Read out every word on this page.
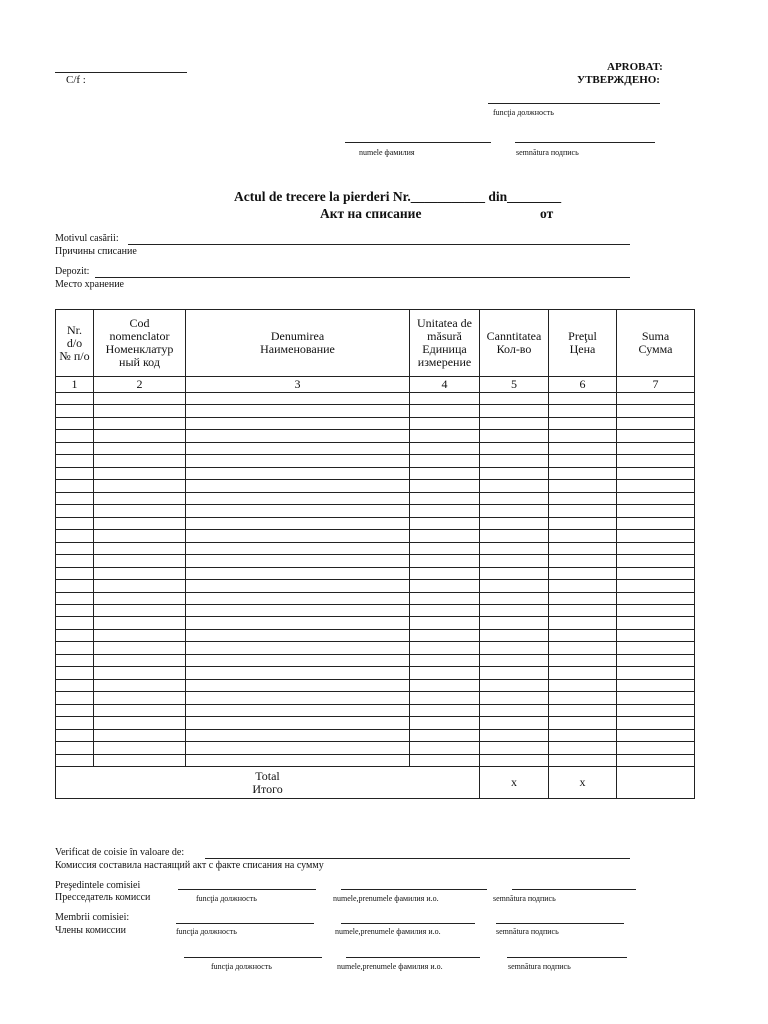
C/f :
APROBAT:
УТВЕРЖДЕНО:
funcţia должность
numele фамилия	semnătura подпись
Actul de trecere la pierderi Nr.___________ din________
Акт на списание	от
Motivul casării:
Причины списание
Depozit:
Место хранение
Nr.
d/o
№ п/о	Cod
nomenclator
Номенклатур
ный код	Denumirea
Наименование	Unitatea de
măsură
Единица
измерение	Canntitatea
Кол-во	Preţul
Цена	Suma
Сумма
1	2	3	4	5	6	7

Total
Итого				x	x	
Verificat de coisie în valoare de:
Комиссия составила настаящий акт с факте списания на сумму
Preşedintele comisiei
Пресседатель комисси	funcţia должность	numele,prenumele фамилия и.о.	semnătura подпись
Membrii comisiei:
Члены комиссии	funcţia должность	numele,prenumele фамилия и.о.	semnătura подпись
funcţia должность	numele,prenumele фамилия и.о.	semnătura подпись
